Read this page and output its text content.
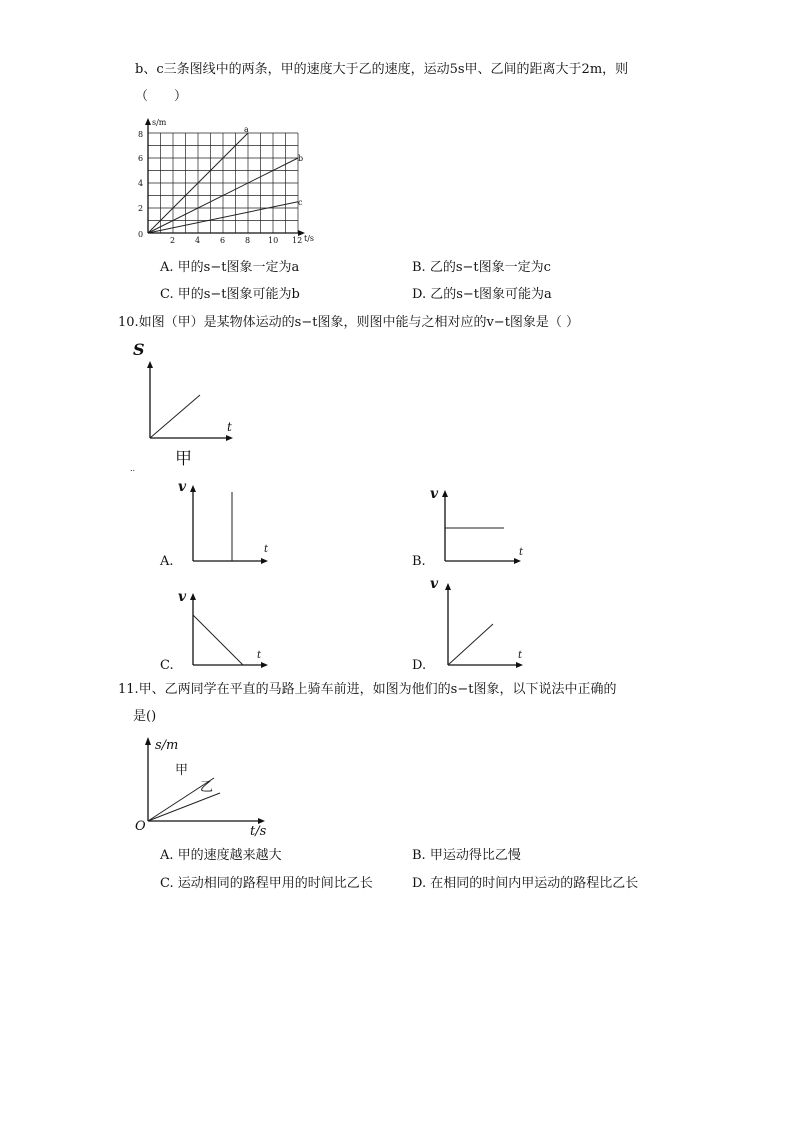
b、c三条图线中的两条，甲的速度大于乙的速度，运动5s甲、乙间的距离大于2m，则
（　　）
s/m
t/s
0
2
4
6
8
2 4 6 8 10 12
a
b
c
A. 甲的s−t图象一定为a	B. 乙的s−t图象一定为c
C. 甲的s−t图象可能为b	D. 乙的s−t图象可能为a
10.如图（甲）是某物体运动的s−t图象，则图中能与之相对应的v−t图象是（ ）
S
t
甲
..
A.
v
t
B.
v
t
C.
v
t
D.
v
t
11.甲、乙两同学在平直的马路上骑车前进，如图为他们的s−t图象，以下说法中正确的
是()
s/m
t/s
O
甲
乙
A. 甲的速度越来越大	B. 甲运动得比乙慢
C. 运动相同的路程甲用的时间比乙长	D. 在相同的时间内甲运动的路程比乙长
